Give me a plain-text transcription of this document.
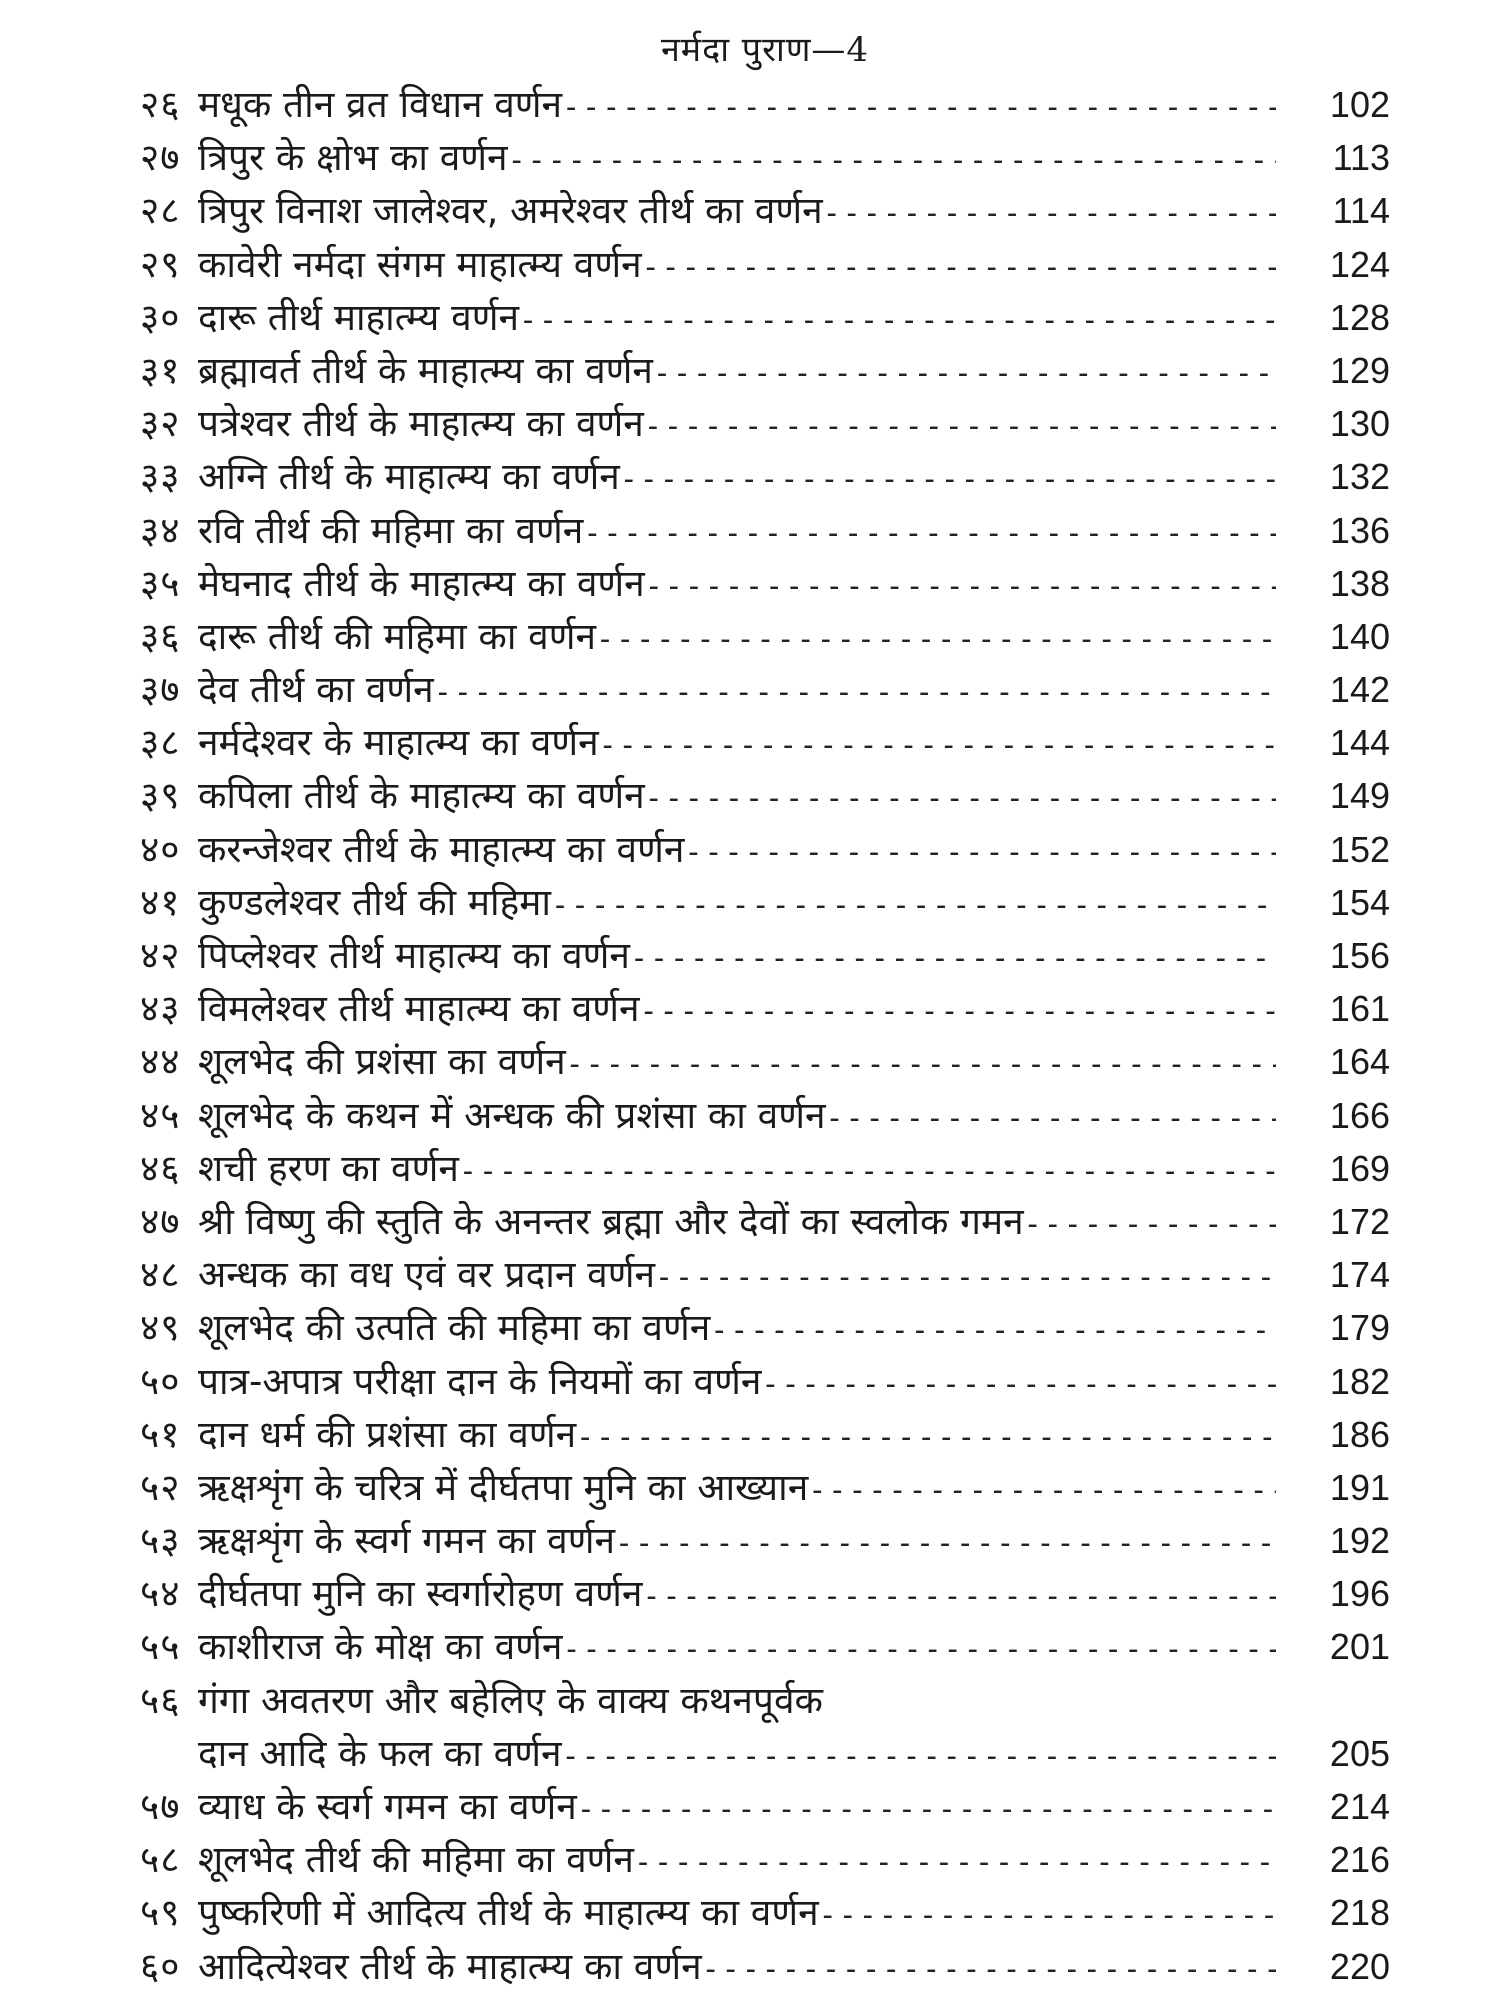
नर्मदा पुराण—4
२६ मधूक तीन व्रत विधान वर्णन -----	102
२७ त्रिपुर के क्षोभ का वर्णन -----	113
२८ त्रिपुर विनाश जालेश्वर, अमरेश्वर तीर्थ का वर्णन -----	114
२९ कावेरी नर्मदा संगम माहात्म्य वर्णन -----	124
३० दारू तीर्थ माहात्म्य वर्णन -----	128
३१ ब्रह्मावर्त तीर्थ के माहात्म्य का वर्णन -----	129
३२ पत्रेश्वर तीर्थ के माहात्म्य का वर्णन -----	130
३३ अग्नि तीर्थ के माहात्म्य का वर्णन -----	132
३४ रवि तीर्थ की महिमा का वर्णन -----	136
३५ मेघनाद तीर्थ के माहात्म्य का वर्णन -----	138
३६ दारू तीर्थ की महिमा का वर्णन -----	140
३७ देव तीर्थ का वर्णन -----	142
३८ नर्मदेश्वर के माहात्म्य का वर्णन -----	144
३९ कपिला तीर्थ के माहात्म्य का वर्णन -----	149
४० करन्जेश्वर तीर्थ के माहात्म्य का वर्णन -----	152
४१ कुण्डलेश्वर तीर्थ की महिमा -----	154
४२ पिप्लेश्वर तीर्थ माहात्म्य का वर्णन -----	156
४३ विमलेश्वर तीर्थ माहात्म्य का वर्णन -----	161
४४ शूलभेद की प्रशंसा का वर्णन -----	164
४५ शूलभेद के कथन में अन्धक की प्रशंसा का वर्णन -----	166
४६ शची हरण का वर्णन -----	169
४७ श्री विष्णु की स्तुति के अनन्तर ब्रह्मा और देवों का स्वलोक गमन -----	172
४८ अन्धक का वध एवं वर प्रदान वर्णन -----	174
४९ शूलभेद की उत्पति की महिमा का वर्णन -----	179
५० पात्र-अपात्र परीक्षा दान के नियमों का वर्णन -----	182
५१ दान धर्म की प्रशंसा का वर्णन -----	186
५२ ऋक्षशृंग के चरित्र में दीर्घतपा मुनि का आख्यान -----	191
५३ ऋक्षशृंग के स्वर्ग गमन का वर्णन -----	192
५४ दीर्घतपा मुनि का स्वर्गारोहण वर्णन -----	196
५५ काशीराज के मोक्ष का वर्णन -----	201
५६ गंगा अवतरण और बहेलिए के वाक्य कथनपूर्वक
दान आदि के फल का वर्णन -----	205
५७ व्याध के स्वर्ग गमन का वर्णन -----	214
५८ शूलभेद तीर्थ की महिमा का वर्णन -----	216
५९ पुष्करिणी में आदित्य तीर्थ के माहात्म्य का वर्णन -----	218
६० आदित्येश्वर तीर्थ के माहात्म्य का वर्णन -----	220
